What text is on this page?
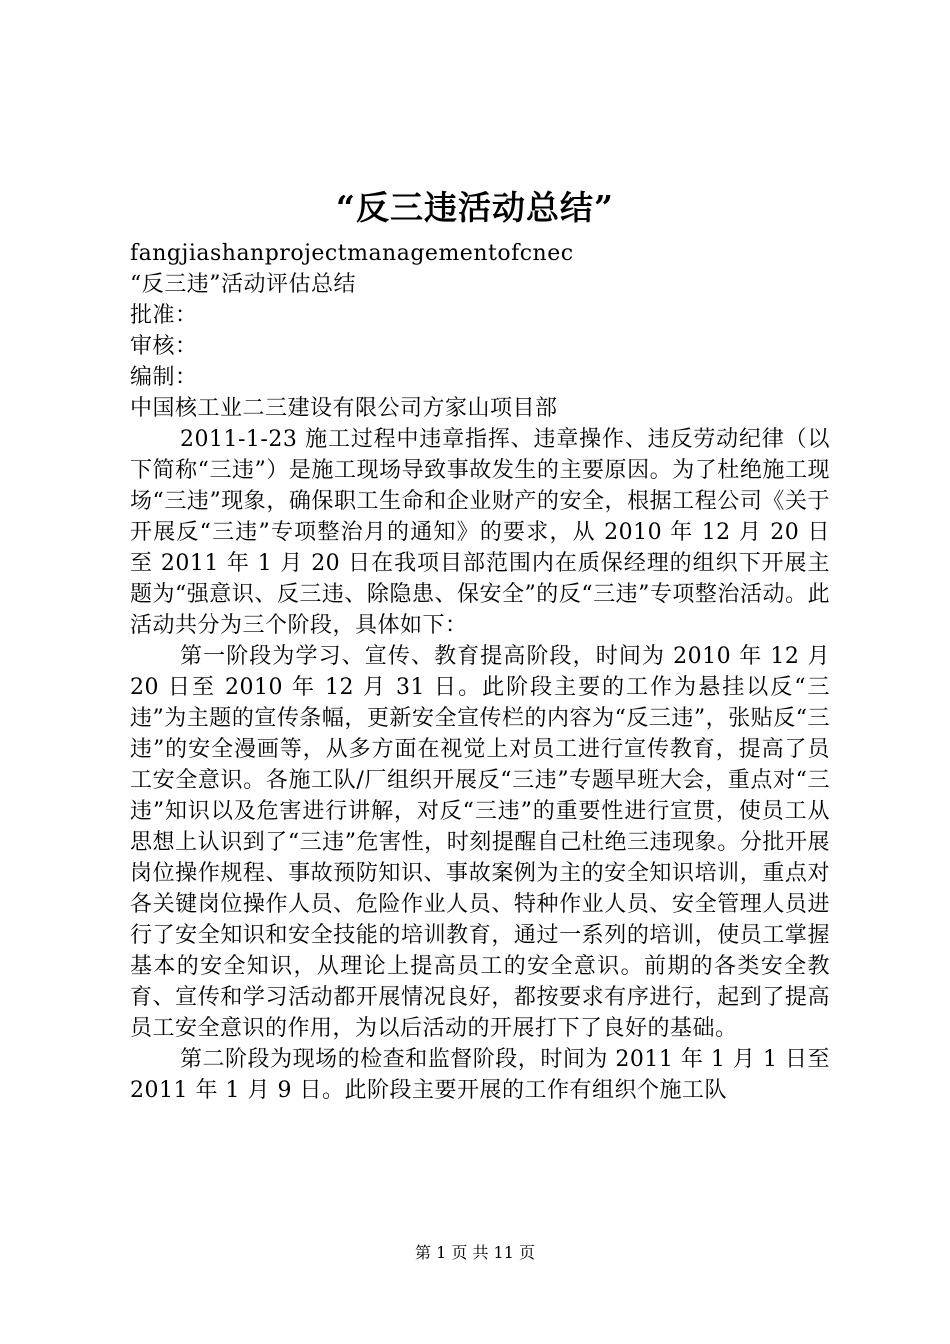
“反三违活动总结”

fangjiashanprojectmanagementofcnec

“反三违”活动评估总结

批准：

审核：

编制：

中国核工业二三建设有限公司方家山项目部

2011-1-23 施工过程中违章指挥、违章操作、违反劳动纪律（以下简称“三违”）是施工现场导致事故发生的主要原因。为了杜绝施工现场“三违”现象，确保职工生命和企业财产的安全，根据工程公司《关于开展反“三违”专项整治月的通知》的要求，从 2010 年 12 月 20 日至 2011 年 1 月 20 日在我项目部范围内在质保经理的组织下开展主题为“强意识、反三违、除隐患、保安全”的反“三违”专项整治活动。此活动共分为三个阶段，具体如下：

第一阶段为学习、宣传、教育提高阶段，时间为 2010 年 12 月 20 日至 2010 年 12 月 31 日。此阶段主要的工作为悬挂以反“三违”为主题的宣传条幅，更新安全宣传栏的内容为“反三违”，张贴反“三违”的安全漫画等，从多方面在视觉上对员工进行宣传教育，提高了员工安全意识。各施工队/厂组织开展反“三违”专题早班大会，重点对“三违”知识以及危害进行讲解，对反“三违”的重要性进行宣贯，使员工从思想上认识到了“三违”危害性，时刻提醒自己杜绝三违现象。分批开展岗位操作规程、事故预防知识、事故案例为主的安全知识培训，重点对各关键岗位操作人员、危险作业人员、特种作业人员、安全管理人员进行了安全知识和安全技能的培训教育，通过一系列的培训，使员工掌握基本的安全知识，从理论上提高员工的安全意识。前期的各类安全教育、宣传和学习活动都开展情况良好，都按要求有序进行，起到了提高员工安全意识的作用，为以后活动的开展打下了良好的基础。

第二阶段为现场的检查和监督阶段，时间为 2011 年 1 月 1 日至 2011 年 1 月 9 日。此阶段主要开展的工作有组织个施工队

第 1 页 共 11 页
